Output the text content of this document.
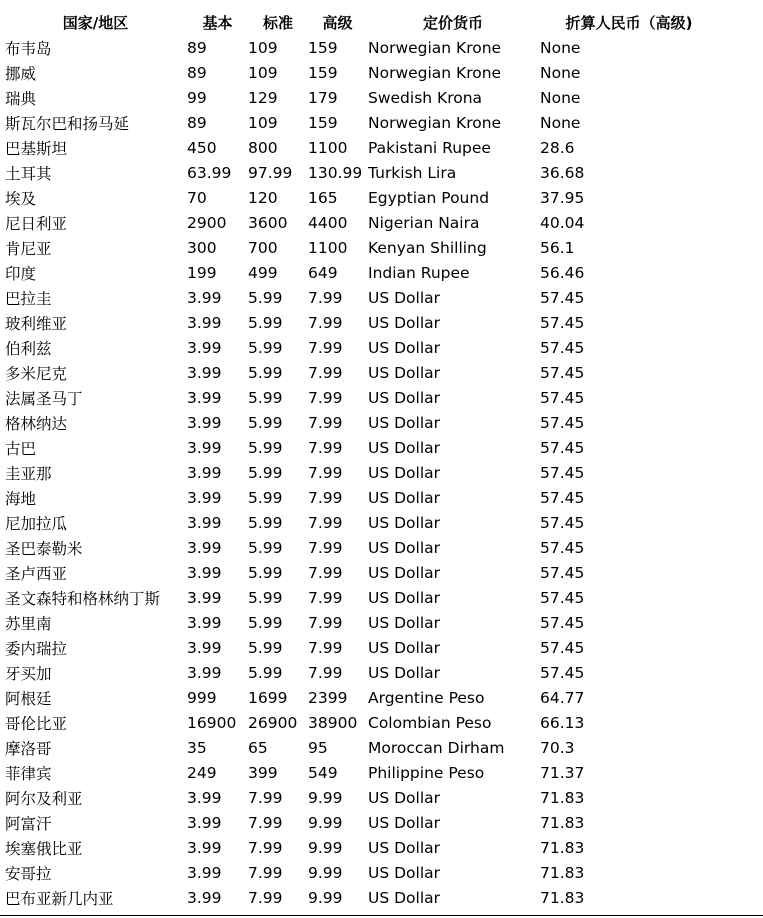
国家/地区	基本	标准	高级	定价货币	折算人民币（高级)
布韦岛	89	109	159	Norwegian Krone	None
挪威	89	109	159	Norwegian Krone	None
瑞典	99	129	179	Swedish Krona	None
斯瓦尔巴和扬马延	89	109	159	Norwegian Krone	None
巴基斯坦	450	800	1100	Pakistani Rupee	28.6
土耳其	63.99	97.99	130.99	Turkish Lira	36.68
埃及	70	120	165	Egyptian Pound	37.95
尼日利亚	2900	3600	4400	Nigerian Naira	40.04
肯尼亚	300	700	1100	Kenyan Shilling	56.1
印度	199	499	649	Indian Rupee	56.46
巴拉圭	3.99	5.99	7.99	US Dollar	57.45
玻利维亚	3.99	5.99	7.99	US Dollar	57.45
伯利兹	3.99	5.99	7.99	US Dollar	57.45
多米尼克	3.99	5.99	7.99	US Dollar	57.45
法属圣马丁	3.99	5.99	7.99	US Dollar	57.45
格林纳达	3.99	5.99	7.99	US Dollar	57.45
古巴	3.99	5.99	7.99	US Dollar	57.45
圭亚那	3.99	5.99	7.99	US Dollar	57.45
海地	3.99	5.99	7.99	US Dollar	57.45
尼加拉瓜	3.99	5.99	7.99	US Dollar	57.45
圣巴泰勒米	3.99	5.99	7.99	US Dollar	57.45
圣卢西亚	3.99	5.99	7.99	US Dollar	57.45
圣文森特和格林纳丁斯	3.99	5.99	7.99	US Dollar	57.45
苏里南	3.99	5.99	7.99	US Dollar	57.45
委内瑞拉	3.99	5.99	7.99	US Dollar	57.45
牙买加	3.99	5.99	7.99	US Dollar	57.45
阿根廷	999	1699	2399	Argentine Peso	64.77
哥伦比亚	16900	26900	38900	Colombian Peso	66.13
摩洛哥	35	65	95	Moroccan Dirham	70.3
菲律宾	249	399	549	Philippine Peso	71.37
阿尔及利亚	3.99	7.99	9.99	US Dollar	71.83
阿富汗	3.99	7.99	9.99	US Dollar	71.83
埃塞俄比亚	3.99	7.99	9.99	US Dollar	71.83
安哥拉	3.99	7.99	9.99	US Dollar	71.83
巴布亚新几内亚	3.99	7.99	9.99	US Dollar	71.83
